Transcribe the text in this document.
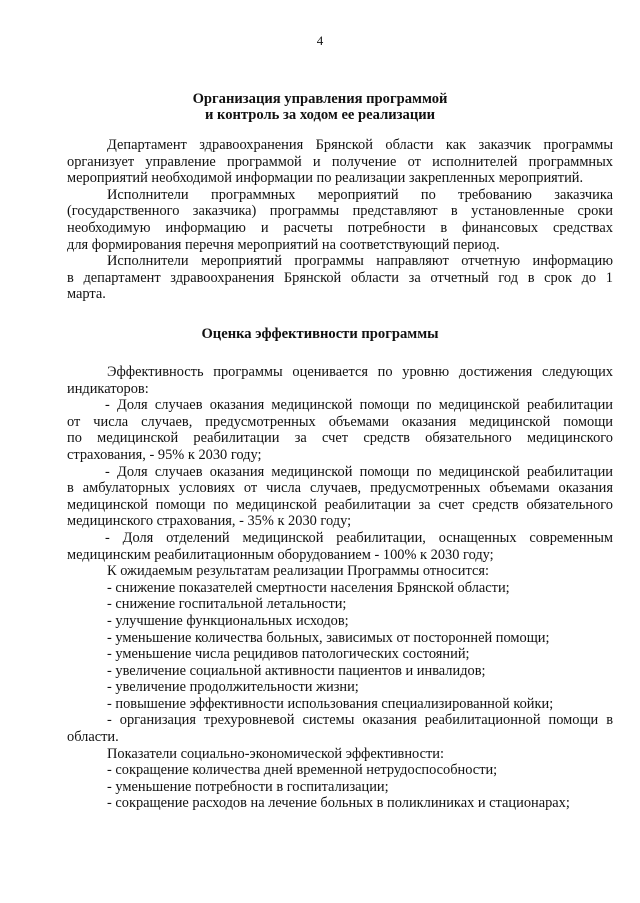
4
Организация управления программой
и контроль за ходом ее реализации
Департамент здравоохранения Брянской области как заказчик программы
организует управление программой и получение от исполнителей программных
мероприятий необходимой информации по реализации закрепленных мероприятий.
Исполнители программных мероприятий по требованию заказчика
(государственного заказчика) программы представляют в установленные сроки
необходимую информацию и расчеты потребности в финансовых средствах
для формирования перечня мероприятий на соответствующий период.
Исполнители мероприятий программы направляют отчетную информацию
в департамент здравоохранения Брянской области за отчетный год в срок до 1
марта.
Оценка эффективности программы
Эффективность программы оценивается по уровню достижения следующих
индикаторов:
- Доля случаев оказания медицинской помощи по медицинской реабилитации
от числа случаев, предусмотренных объемами оказания медицинской помощи
по медицинской реабилитации за счет средств обязательного медицинского
страхования, - 95% к 2030 году;
- Доля случаев оказания медицинской помощи по медицинской реабилитации
в амбулаторных условиях от числа случаев, предусмотренных объемами оказания
медицинской помощи по медицинской реабилитации за счет средств обязательного
медицинского страхования, - 35% к 2030 году;
- Доля отделений медицинской реабилитации, оснащенных современным
медицинским реабилитационным оборудованием - 100% к 2030 году;
К ожидаемым результатам реализации Программы относится:
- снижение показателей смертности населения Брянской области;
- снижение госпитальной летальности;
- улучшение функциональных исходов;
- уменьшение количества больных, зависимых от посторонней помощи;
- уменьшение числа рецидивов патологических состояний;
- увеличение социальной активности пациентов и инвалидов;
- увеличение продолжительности жизни;
- повышение эффективности использования специализированной койки;
- организация трехуровневой системы оказания реабилитационной помощи в
области.
Показатели социально-экономической эффективности:
- сокращение количества дней временной нетрудоспособности;
- уменьшение потребности в госпитализации;
- сокращение расходов на лечение больных в поликлиниках и стационарах;
